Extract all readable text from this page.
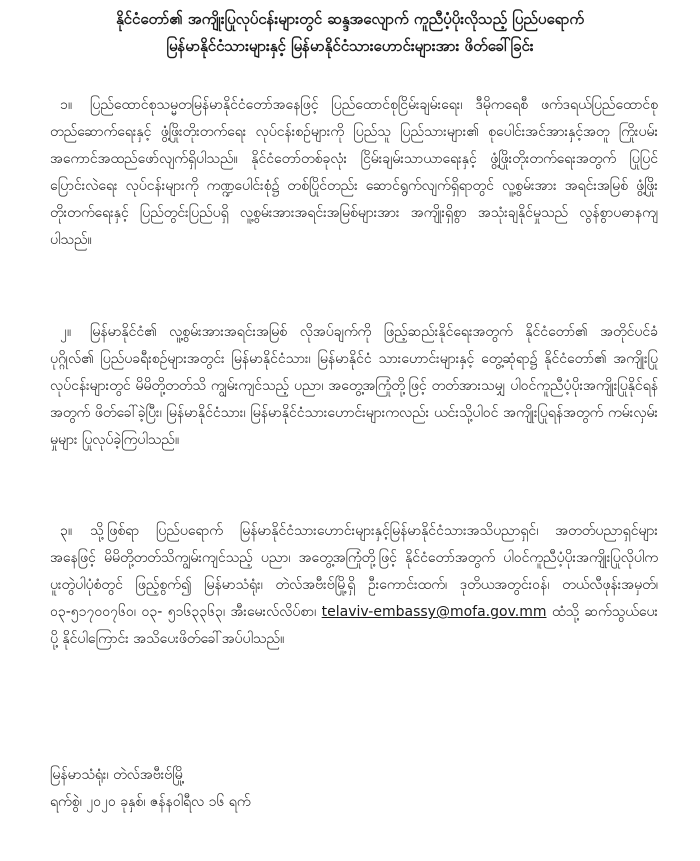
နိုင်ငံတော်၏ အကျိုးပြုလုပ်ငန်းများတွင် ဆန္ဒအလျောက် ကူညီပံ့ပိုးလိုသည့် ပြည်ပရောက်
မြန်မာနိုင်ငံသားများနှင့် မြန်မာနိုင်ငံသားဟောင်းများအား ဖိတ်ခေါ်ခြင်း
၁။ ပြည်ထောင်စုသမ္မတမြန်မာနိုင်ငံတော်အနေဖြင့် ပြည်ထောင်စုငြိမ်းချမ်းရေး၊ ဒီမိုကရေစီ ဖက်ဒရယ်ပြည်ထောင်စု တည်ဆောက်ရေးနှင့် ဖွံ့ဖြိုးတိုးတက်ရေး လုပ်ငန်းစဉ်များကို ပြည်သူ ပြည်သားများ၏ စုပေါင်းအင်အားနှင့်အတူ ကြိုးပမ်းအကောင်အထည်ဖော်လျက်ရှိပါသည်။ နိုင်ငံတော်တစ်ခုလုံး ငြိမ်းချမ်းသာယာရေးနှင့် ဖွံ့ဖြိုးတိုးတက်ရေးအတွက် ပြုပြင်ပြောင်းလဲရေး လုပ်ငန်းများကို ကဏ္ဍပေါင်းစုံ၌ တစ်ပြိုင်တည်း ဆောင်ရွက်လျက်ရှိရာတွင် လူ့စွမ်းအား အရင်းအမြစ် ဖွံ့ဖြိုးတိုးတက်ရေးနှင့် ပြည်တွင်းပြည်ပရှိ လူ့စွမ်းအားအရင်းအမြစ်များအား အကျိုးရှိစွာ အသုံးချနိုင်မှုသည် လွန်စွာပဓာနကျပါသည်။
၂။ မြန်မာနိုင်ငံ၏ လူ့စွမ်းအားအရင်းအမြစ် လိုအပ်ချက်ကို ဖြည့်ဆည်းနိုင်ရေးအတွက် နိုင်ငံတော်၏ အတိုင်ပင်ခံပုဂ္ဂိုလ်၏ ပြည်ပခရီးစဉ်များအတွင်း မြန်မာနိုင်ငံသား၊ မြန်မာနိုင်ငံ သားဟောင်းများနှင့် တွေ့ဆုံရာ၌ နိုင်ငံတော်၏ အကျိုးပြုလုပ်ငန်းများတွင် မိမိတို့တတ်သိ ကျွမ်းကျင်သည့် ပညာ၊ အတွေ့အကြုံတို့ဖြင့် တတ်အားသမျှ ပါဝင်ကူညီပံ့ပိုးအကျိုးပြုနိုင်ရန် အတွက် ဖိတ်ခေါ်ခဲ့ပြီး၊ မြန်မာနိုင်ငံသား၊ မြန်မာနိုင်ငံသားဟောင်းများကလည်း ယင်းသို့ပါဝင် အကျိုးပြုရန်အတွက် ကမ်းလှမ်းမှုများ ပြုလုပ်ခဲ့ကြပါသည်။
၃။ သို့ဖြစ်ရာ ပြည်ပရောက် မြန်မာနိုင်ငံသားဟောင်းများနှင့်မြန်မာနိုင်ငံသားအသိပညာရှင်၊ အတတ်ပညာရှင်များအနေဖြင့် မိမိတို့တတ်သိကျွမ်းကျင်သည့် ပညာ၊ အတွေ့အကြုံတို့ဖြင့် နိုင်ငံတော်အတွက် ပါဝင်ကူညီပံ့ပိုးအကျိုးပြုလိုပါက ပူးတွဲပါပုံစံတွင် ဖြည့်စွက်၍ မြန်မာသံရုံး၊ တဲလ်အဗီးဗ်မြို့ရှိ ဦးကောင်းထက်၊ ဒုတိယအတွင်းဝန်၊ တယ်လီဖုန်းအမှတ်၊ ၀၃-၅၁၇၀၀၇၆၀၊ ၀၃- ၅၁၆၃၃၆၃၊ အီးမေးလ်လိပ်စာ၊ telaviv-embassy@mofa.gov.mm ထံသို့ ဆက်သွယ်ပေးပို့ နိုင်ပါကြောင်း အသိပေးဖိတ်ခေါ်အပ်ပါသည်။
မြန်မာသံရုံး၊ တဲလ်အဗီးဗ်မြို့
ရက်စွဲ၊ ၂၀၂၀ ခုနှစ်၊ ဇန်နဝါရီလ ၁၆ ရက်
